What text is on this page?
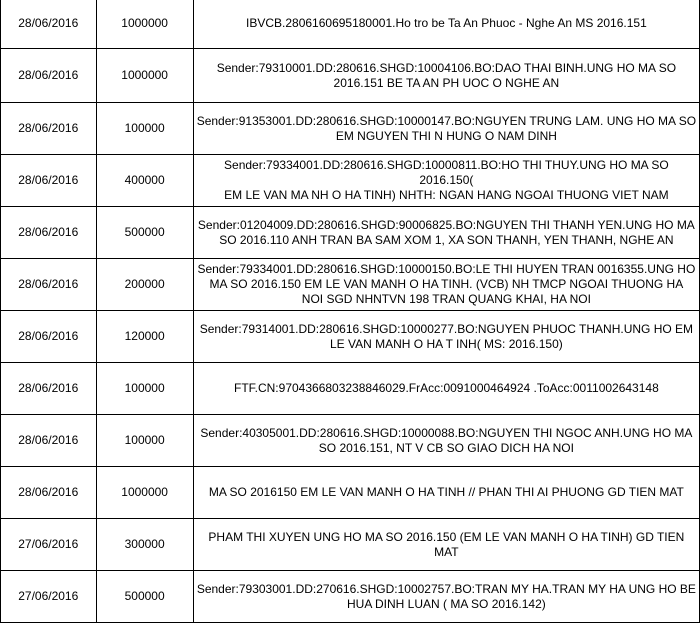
28/06/2016	1000000	IBVCB.2806160695180001.Ho tro be Ta An Phuoc - Nghe An MS 2016.151

28/06/2016	1000000	Sender:79310001.DD:280616.SHGD:10004106.BO:DAO THAI BINH.UNG HO MA SO
2016.151 BE TA AN PH UOC O NGHE AN

28/06/2016	100000	Sender:91353001.DD:280616.SHGD:10000147.BO:NGUYEN TRUNG LAM. UNG HO MA SO
EM NGUYEN THI N HUNG O NAM DINH

28/06/2016	400000	Sender:79334001.DD:280616.SHGD:10000811.BO:HO THI THUY.UNG HO MA SO 2016.150(
EM LE VAN MA NH O HA TINH) NHTH: NGAN HANG NGOAI THUONG VIET NAM

28/06/2016	500000	Sender:01204009.DD:280616.SHGD:90006825.BO:NGUYEN THI THANH YEN.UNG HO MA
SO 2016.110 ANH TRAN BA SAM XOM 1, XA SON THANH, YEN THANH, NGHE AN

28/06/2016	200000	Sender:79334001.DD:280616.SHGD:10000150.BO:LE THI HUYEN TRAN 0016355.UNG HO
MA SO 2016.150 EM LE VAN MANH O HA TINH. (VCB) NH TMCP NGOAI THUONG HA
NOI SGD NHNTVN 198 TRAN QUANG KHAI, HA NOI

28/06/2016	120000	Sender:79314001.DD:280616.SHGD:10000277.BO:NGUYEN PHUOC THANH.UNG HO EM
LE VAN MANH O HA T INH( MS: 2016.150)

28/06/2016	100000	FTF.CN:9704366803238846029.FrAcc:0091000464924 .ToAcc:0011002643148

28/06/2016	100000	Sender:40305001.DD:280616.SHGD:10000088.BO:NGUYEN THI NGOC ANH.UNG HO MA
SO 2016.151, NT V CB SO GIAO DICH HA NOI

28/06/2016	1000000	MA SO 2016150 EM LE VAN MANH O HA TINH // PHAN THI AI PHUONG GD TIEN MAT

27/06/2016	300000	PHAM THI XUYEN UNG HO MA SO 2016.150 (EM LE VAN MANH O HA TINH) GD TIEN
MAT

27/06/2016	500000	Sender:79303001.DD:270616.SHGD:10002757.BO:TRAN MY HA.TRAN MY HA UNG HO BE
HUA DINH LUAN ( MA SO 2016.142)
